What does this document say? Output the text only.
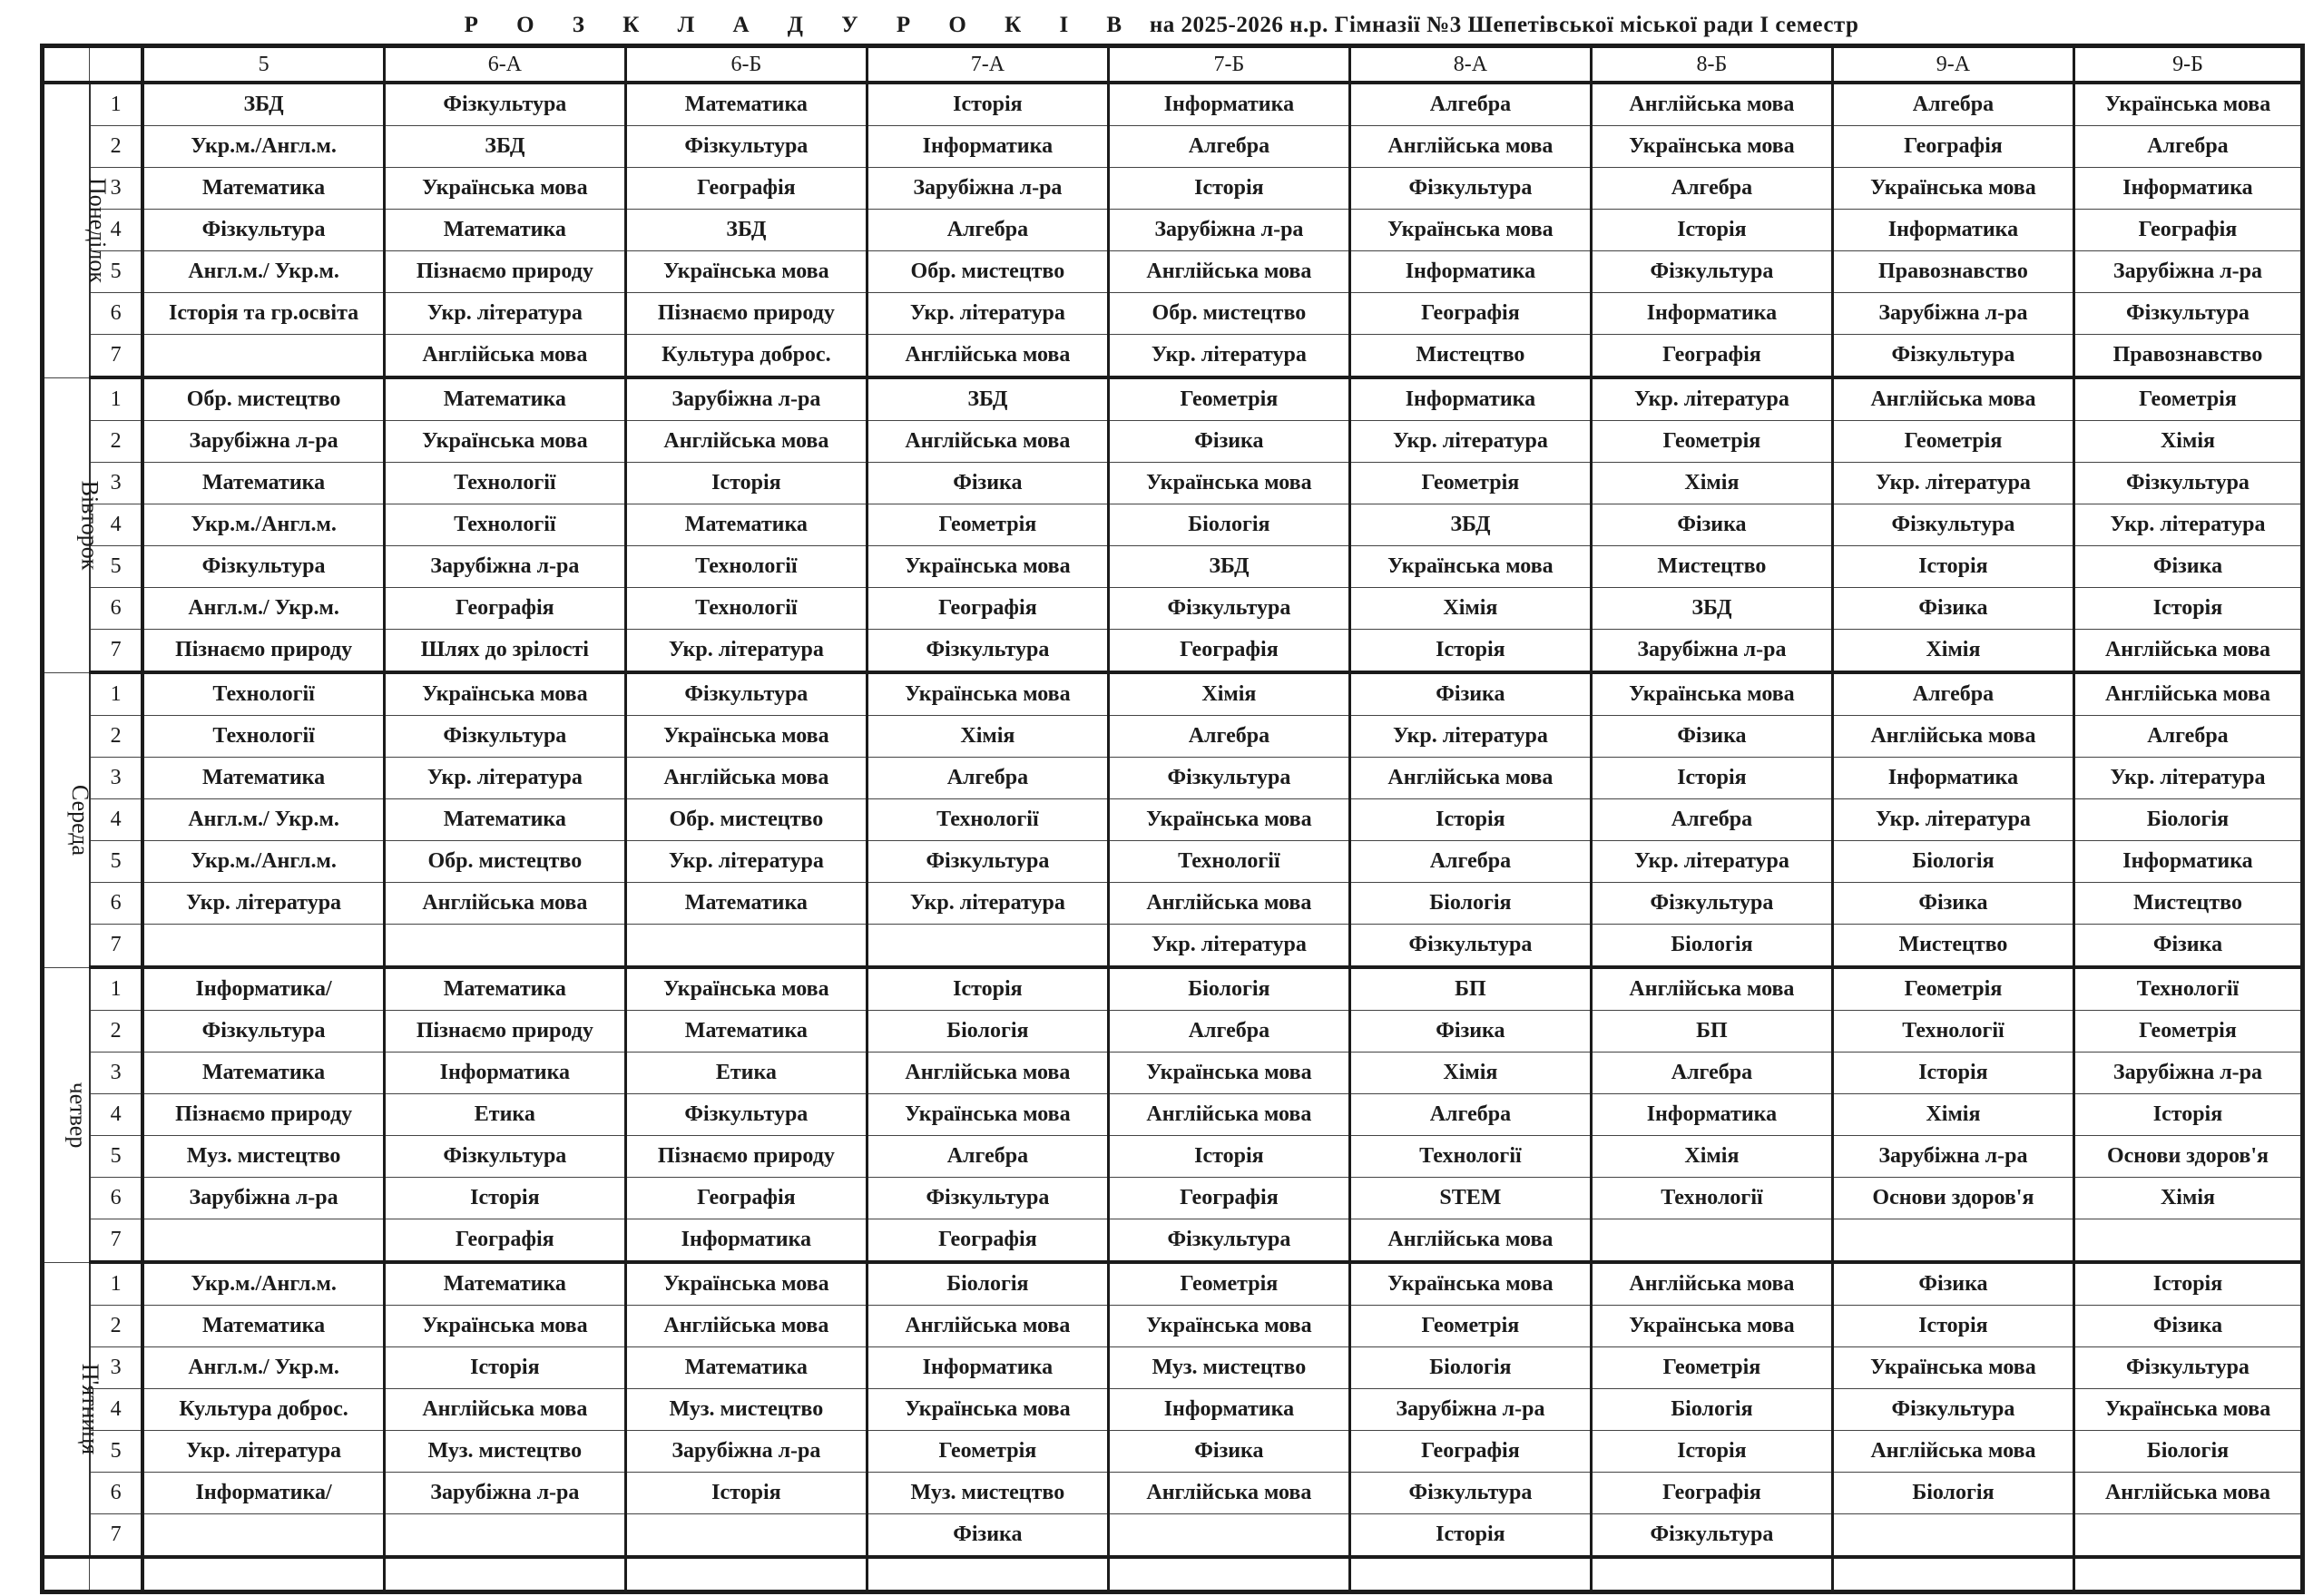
Р О З К Л А Д У Р О К І В на 2025-2026 н.р. Гімназії №3 Шепетівської міської ради І семестр
		5	6-А	6-Б	7-А	7-Б	8-А	8-Б	9-А	9-Б
Понеділок	1	ЗБД	Фізкультура	Математика	Історія	Інформатика	Алгебра	Англійська мова	Алгебра	Українська мова
	2	Укр.м./Англ.м.	ЗБД	Фізкультура	Інформатика	Алгебра	Англійська мова	Українська мова	Географія	Алгебра
	3	Математика	Українська мова	Географія	Зарубіжна л-ра	Історія	Фізкультура	Алгебра	Українська мова	Інформатика
	4	Фізкультура	Математика	ЗБД	Алгебра	Зарубіжна л-ра	Українська мова	Історія	Інформатика	Географія
	5	Англ.м./ Укр.м.	Пізнаємо природу	Українська мова	Обр. мистецтво	Англійська мова	Інформатика	Фізкультура	Правознавство	Зарубіжна л-ра
	6	Історія та гр.освіта	Укр. література	Пізнаємо природу	Укр. література	Обр. мистецтво	Географія	Інформатика	Зарубіжна л-ра	Фізкультура
	7		Англійська мова	Культура доброс.	Англійська мова	Укр. література	Мистецтво	Географія	Фізкультура	Правознавство
Вівторок	1	Обр. мистецтво	Математика	Зарубіжна л-ра	ЗБД	Геометрія	Інформатика	Укр. література	Англійська мова	Геометрія
	2	Зарубіжна л-ра	Українська мова	Англійська мова	Англійська мова	Фізика	Укр. література	Геометрія	Геометрія	Хімія
	3	Математика	Технології	Історія	Фізика	Українська мова	Геометрія	Хімія	Укр. література	Фізкультура
	4	Укр.м./Англ.м.	Технології	Математика	Геометрія	Біологія	ЗБД	Фізика	Фізкультура	Укр. література
	5	Фізкультура	Зарубіжна л-ра	Технології	Українська мова	ЗБД	Українська мова	Мистецтво	Історія	Фізика
	6	Англ.м./ Укр.м.	Географія	Технології	Географія	Фізкультура	Хімія	ЗБД	Фізика	Історія
	7	Пізнаємо природу	Шлях до зрілості	Укр. література	Фізкультура	Географія	Історія	Зарубіжна л-ра	Хімія	Англійська мова
Середа	1	Технології	Українська мова	Фізкультура	Українська мова	Хімія	Фізика	Українська мова	Алгебра	Англійська мова
	2	Технології	Фізкультура	Українська мова	Хімія	Алгебра	Укр. література	Фізика	Англійська мова	Алгебра
	3	Математика	Укр. література	Англійська мова	Алгебра	Фізкультура	Англійська мова	Історія	Інформатика	Укр. література
	4	Англ.м./ Укр.м.	Математика	Обр. мистецтво	Технології	Українська мова	Історія	Алгебра	Укр. література	Біологія
	5	Укр.м./Англ.м.	Обр. мистецтво	Укр. література	Фізкультура	Технології	Алгебра	Укр. література	Біологія	Інформатика
	6	Укр. література	Англійська мова	Математика	Укр. література	Англійська мова	Біологія	Фізкультура	Фізика	Мистецтво
	7					Укр. література	Фізкультура	Біологія	Мистецтво	Фізика
четвер	1	Інформатика/	Математика	Українська мова	Історія	Біологія	БП	Англійська мова	Геометрія	Технології
	2	Фізкультура	Пізнаємо природу	Математика	Біологія	Алгебра	Фізика	БП	Технології	Геометрія
	3	Математика	Інформатика	Етика	Англійська мова	Українська мова	Хімія	Алгебра	Історія	Зарубіжна л-ра
	4	Пізнаємо природу	Етика	Фізкультура	Українська мова	Англійська мова	Алгебра	Інформатика	Хімія	Історія
	5	Муз. мистецтво	Фізкультура	Пізнаємо природу	Алгебра	Історія	Технології	Хімія	Зарубіжна л-ра	Основи здоров'я
	6	Зарубіжна л-ра	Історія	Географія	Фізкультура	Географія	STEM	Технології	Основи здоров'я	Хімія
	7		Географія	Інформатика	Географія	Фізкультура	Англійська мова			
П'ятниця	1	Укр.м./Англ.м.	Математика	Українська мова	Біологія	Геометрія	Українська мова	Англійська мова	Фізика	Історія
	2	Математика	Українська мова	Англійська мова	Англійська мова	Українська мова	Геометрія	Українська мова	Історія	Фізика
	3	Англ.м./ Укр.м.	Історія	Математика	Інформатика	Муз. мистецтво	Біологія	Геометрія	Українська мова	Фізкультура
	4	Культура доброс.	Англійська мова	Муз. мистецтво	Українська мова	Інформатика	Зарубіжна л-ра	Біологія	Фізкультура	Українська мова
	5	Укр. література	Муз. мистецтво	Зарубіжна л-ра	Геометрія	Фізика	Географія	Історія	Англійська мова	Біологія
	6	Інформатика/	Зарубіжна л-ра	Історія	Муз. мистецтво	Англійська мова	Фізкультура	Географія	Біологія	Англійська мова
	7				Фізика		Історія	Фізкультура		
